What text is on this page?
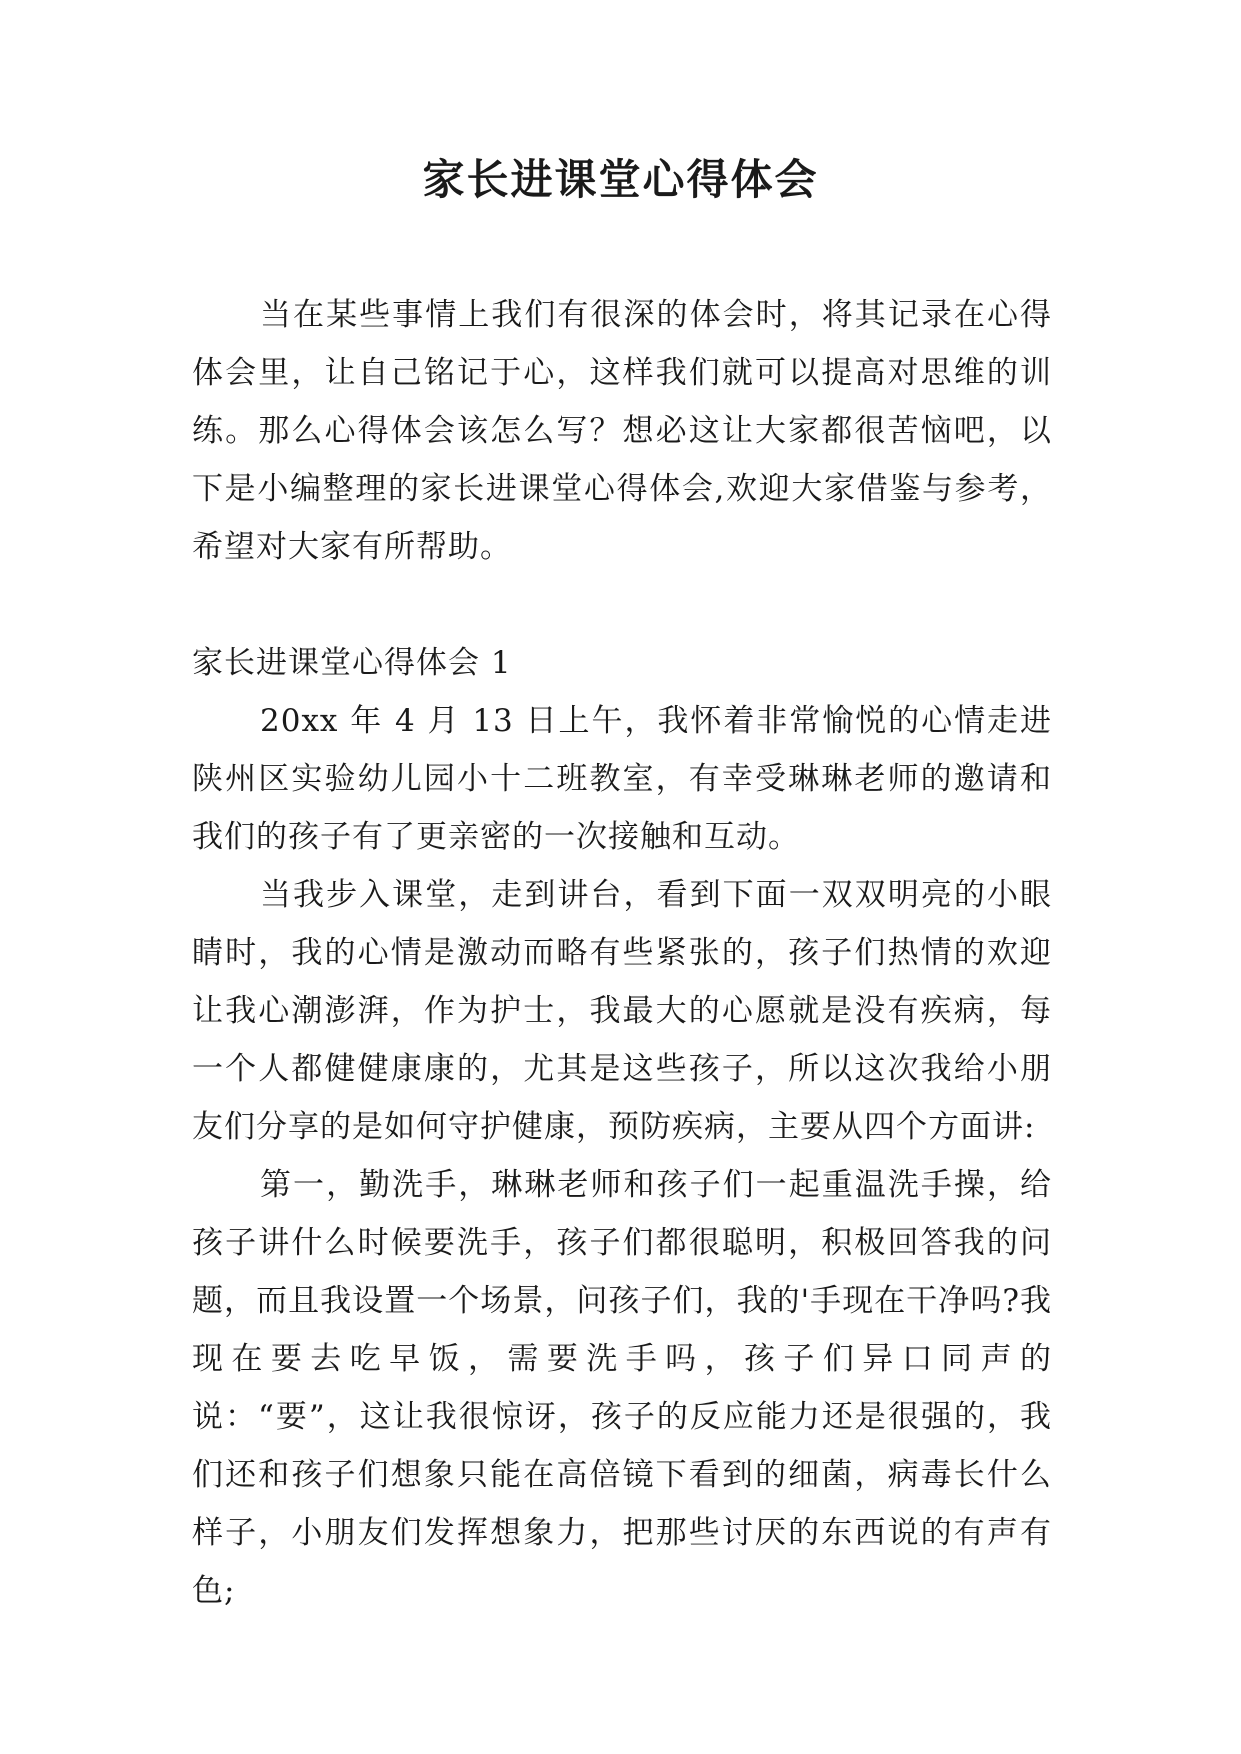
家长进课堂心得体会

当在某些事情上我们有很深的体会时，将其记录在心得体会里，让自己铭记于心，这样我们就可以提高对思维的训练。那么心得体会该怎么写？想必这让大家都很苦恼吧，以下是小编整理的家长进课堂心得体会,欢迎大家借鉴与参考，希望对大家有所帮助。

家长进课堂心得体会 1

20xx 年 4 月 13 日上午，我怀着非常愉悦的心情走进陕州区实验幼儿园小十二班教室，有幸受琳琳老师的邀请和我们的孩子有了更亲密的一次接触和互动。

当我步入课堂，走到讲台，看到下面一双双明亮的小眼睛时，我的心情是激动而略有些紧张的，孩子们热情的欢迎让我心潮澎湃，作为护士，我最大的心愿就是没有疾病，每一个人都健健康康的，尤其是这些孩子，所以这次我给小朋友们分享的是如何守护健康，预防疾病，主要从四个方面讲:

第一，勤洗手，琳琳老师和孩子们一起重温洗手操，给孩子讲什么时候要洗手，孩子们都很聪明，积极回答我的问题，而且我设置一个场景，问孩子们，我的'手现在干净吗?我现在要去吃早饭，需要洗手吗，孩子们异口同声的说：“要”，这让我很惊讶，孩子的反应能力还是很强的，我们还和孩子们想象只能在高倍镜下看到的细菌，病毒长什么样子，小朋友们发挥想象力，把那些讨厌的东西说的有声有色;
